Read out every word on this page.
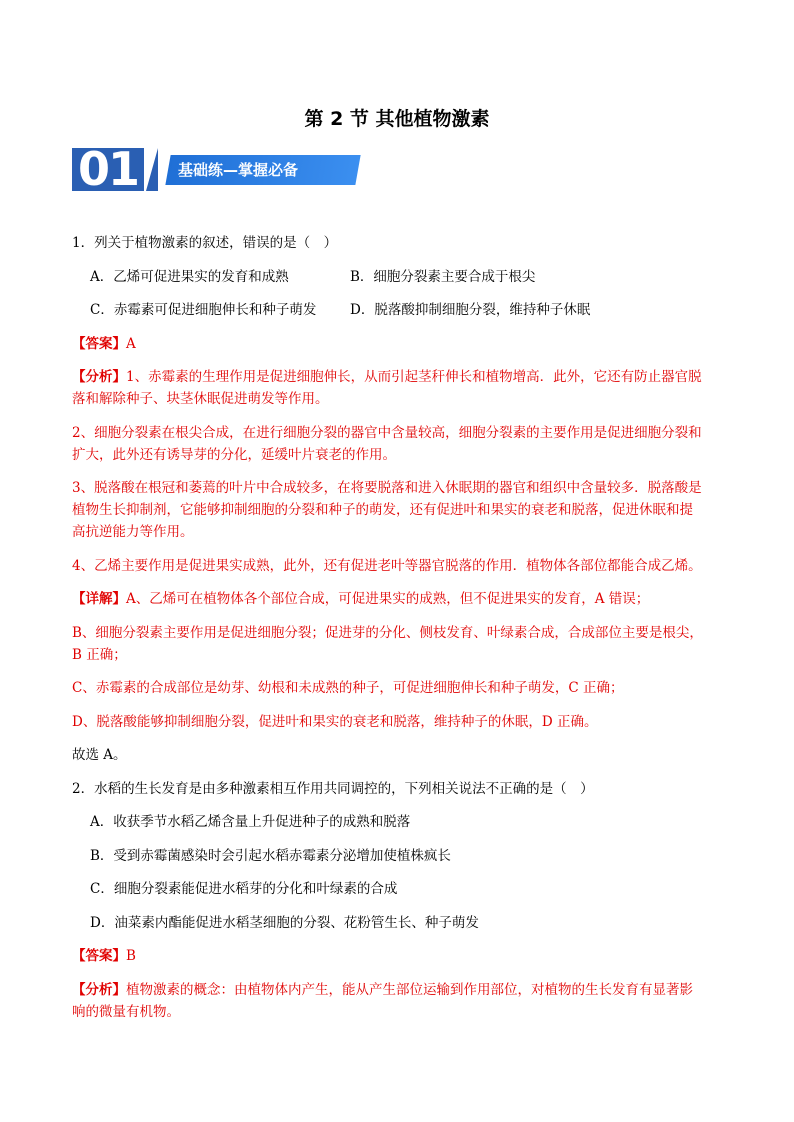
第 2 节 其他植物激素
01	基础练—掌握必备

1．列关于植物激素的叙述，错误的是（　）

A．乙烯可促进果实的发育和成熟	B．细胞分裂素主要合成于根尖
C．赤霉素可促进细胞伸长和种子萌发	D．脱落酸抑制细胞分裂，维持种子休眠

【答案】A

【分析】1、赤霉素的生理作用是促进细胞伸长，从而引起茎秆伸长和植物增高．此外，它还有防止器官脱

落和解除种子、块茎休眠促进萌发等作用。

2、细胞分裂素在根尖合成，在进行细胞分裂的器官中含量较高，细胞分裂素的主要作用是促进细胞分裂和

扩大，此外还有诱导芽的分化，延缓叶片衰老的作用。

3、脱落酸在根冠和萎蔫的叶片中合成较多，在将要脱落和进入休眠期的器官和组织中含量较多．脱落酸是

植物生长抑制剂，它能够抑制细胞的分裂和种子的萌发，还有促进叶和果实的衰老和脱落，促进休眠和提

高抗逆能力等作用。

4、乙烯主要作用是促进果实成熟，此外，还有促进老叶等器官脱落的作用．植物体各部位都能合成乙烯。

【详解】A、乙烯可在植物体各个部位合成，可促进果实的成熟，但不促进果实的发育，A 错误；

B、细胞分裂素主要作用是促进细胞分裂；促进芽的分化、侧枝发育、叶绿素合成，合成部位主要是根尖，

B 正确；

C、赤霉素的合成部位是幼芽、幼根和未成熟的种子，可促进细胞伸长和种子萌发，C 正确；

D、脱落酸能够抑制细胞分裂，促进叶和果实的衰老和脱落，维持种子的休眠，D 正确。

故选 A。

2．水稻的生长发育是由多种激素相互作用共同调控的，下列相关说法不正确的是（　）

A．收获季节水稻乙烯含量上升促进种子的成熟和脱落

B．受到赤霉菌感染时会引起水稻赤霉素分泌增加使植株疯长

C．细胞分裂素能促进水稻芽的分化和叶绿素的合成

D．油菜素内酯能促进水稻茎细胞的分裂、花粉管生长、种子萌发

【答案】B

【分析】植物激素的概念：由植物体内产生，能从产生部位运输到作用部位，对植物的生长发育有显著影

响的微量有机物。
